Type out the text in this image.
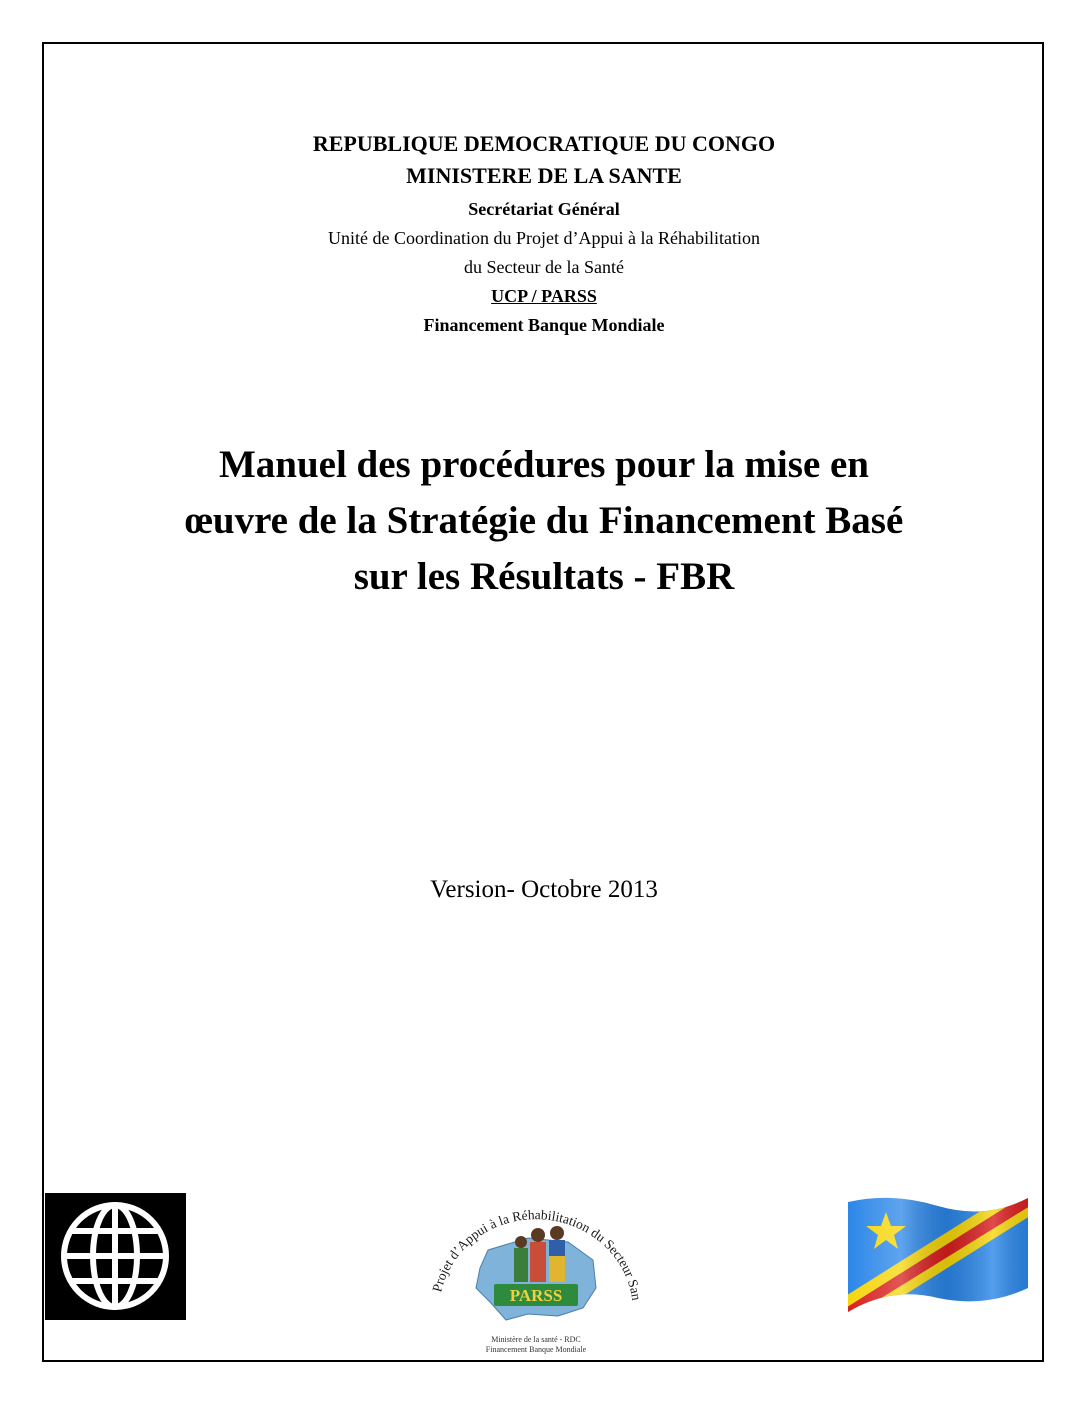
REPUBLIQUE DEMOCRATIQUE DU CONGO
MINISTERE DE LA SANTE
Secrétariat Général
Unité de Coordination du Projet d’Appui à la Réhabilitation
du Secteur de la Santé
UCP / PARSS
Financement Banque Mondiale
Manuel des procédures pour la mise en
œuvre de la Stratégie du Financement Basé
sur les Résultats - FBR
Version- Octobre 2013
Projet d’Appui à la Réhabilitation du Secteur San
PARSS
Ministère de la santé - RDC
Financement Banque Mondiale
